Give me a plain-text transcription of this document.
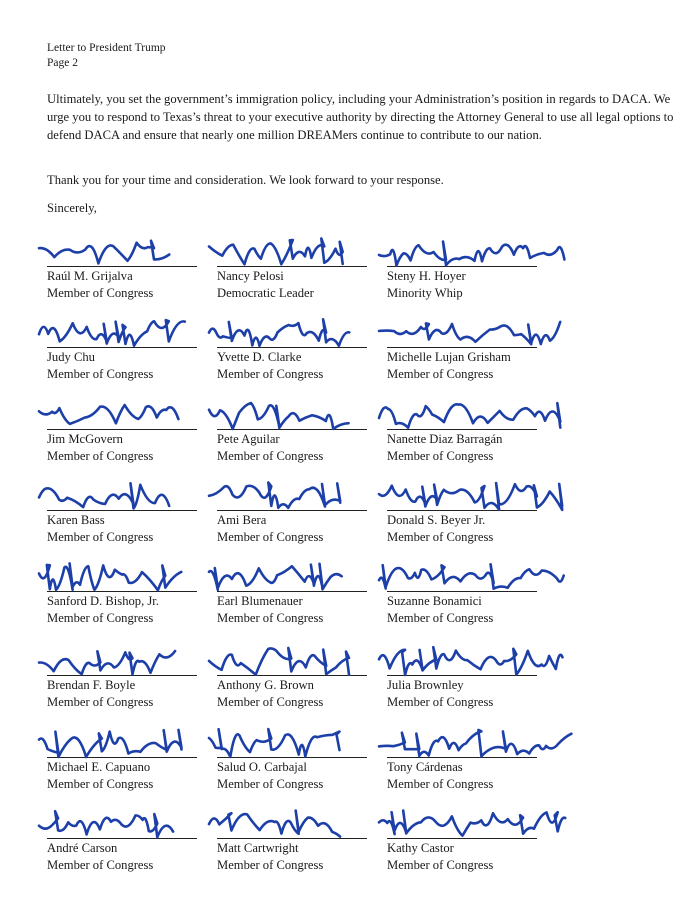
Letter to President Trump
Page 2
Ultimately, you set the government’s immigration policy, including your Administration’s position in regards to DACA. We urge you to respond to Texas’s threat to your executive authority by directing the Attorney General to use all legal options to defend DACA and ensure that nearly one million DREAMers continue to contribute to our nation.
Thank you for your time and consideration. We look forward to your response.
Sincerely,
Raúl M. Grijalva
Member of Congress
Nancy Pelosi
Democratic Leader
Steny H. Hoyer
Minority Whip
Judy Chu
Member of Congress
Yvette D. Clarke
Member of Congress
Michelle Lujan Grisham
Member of Congress
Jim McGovern
Member of Congress
Pete Aguilar
Member of Congress
Nanette Diaz Barragán
Member of Congress
Karen Bass
Member of Congress
Ami Bera
Member of Congress
Donald S. Beyer Jr.
Member of Congress
Sanford D. Bishop, Jr.
Member of Congress
Earl Blumenauer
Member of Congress
Suzanne Bonamici
Member of Congress
Brendan F. Boyle
Member of Congress
Anthony G. Brown
Member of Congress
Julia Brownley
Member of Congress
Michael E. Capuano
Member of Congress
Salud O. Carbajal
Member of Congress
Tony Cárdenas
Member of Congress
André Carson
Member of Congress
Matt Cartwright
Member of Congress
Kathy Castor
Member of Congress
